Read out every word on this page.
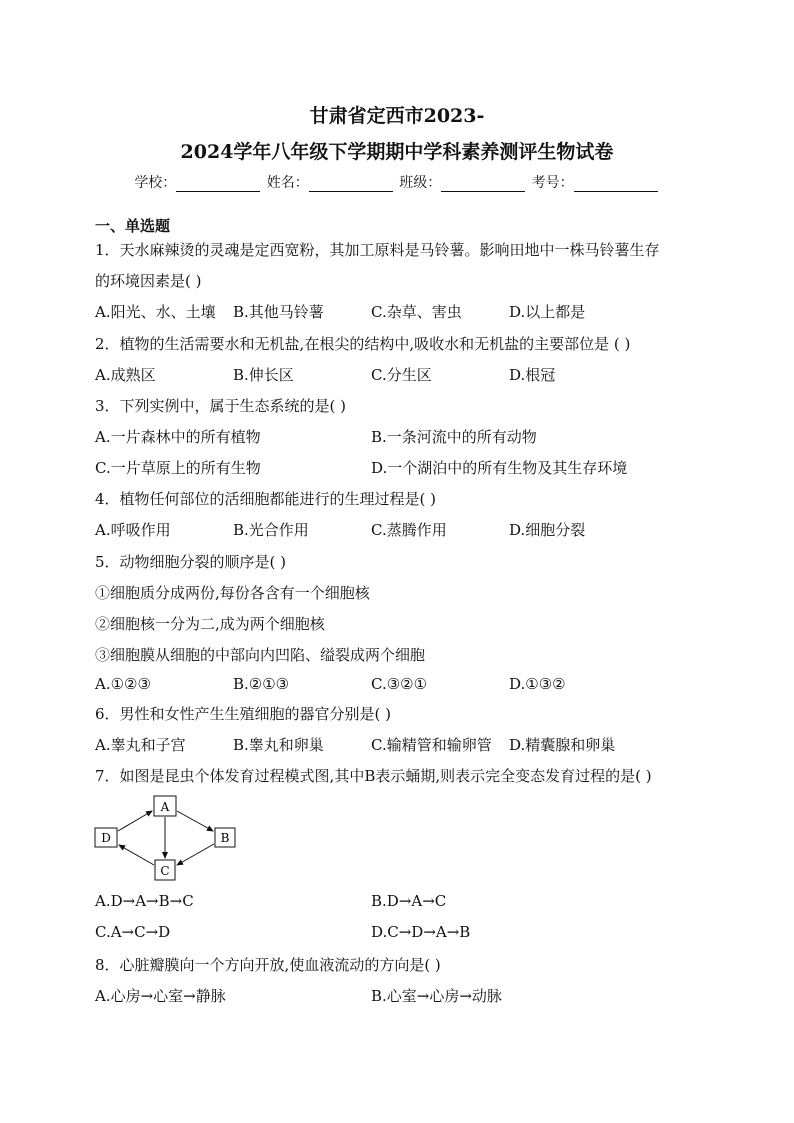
甘肃省定西市2023-
2024学年八年级下学期期中学科素养测评生物试卷
学校：	姓名：	班级：	考号：
一、单选题
1．天水麻辣烫的灵魂是定西宽粉，其加工原料是马铃薯。影响田地中一株马铃薯生存
的环境因素是( )
A.阳光、水、土壤 B.其他马铃薯	C.杂草、害虫	D.以上都是
2．植物的生活需要水和无机盐,在根尖的结构中,吸收水和无机盐的主要部位是 ( )
A.成熟区	B.伸长区	C.分生区	D.根冠
3．下列实例中，属于生态系统的是( )
A.一片森林中的所有植物	B.一条河流中的所有动物
C.一片草原上的所有生物	D.一个湖泊中的所有生物及其生存环境
4．植物任何部位的活细胞都能进行的生理过程是( )
A.呼吸作用	B.光合作用	C.蒸腾作用	D.细胞分裂
5．动物细胞分裂的顺序是( )
①细胞质分成两份,每份各含有一个细胞核
②细胞核一分为二,成为两个细胞核
③细胞膜从细胞的中部向内凹陷、缢裂成两个细胞
A.①②③	B.②①③	C.③②①	D.①③②
6．男性和女性产生生殖细胞的器官分别是( )
A.睾丸和子宫	B.睾丸和卵巢	C.输精管和输卵管 D.精囊腺和卵巢
7．如图是昆虫个体发育过程模式图,其中B表示蛹期,则表示完全变态发育过程的是( )
A
B
C
D
A.D→A→B→C	B.D→A→C
C.A→C→D	D.C→D→A→B
8．心脏瓣膜向一个方向开放,使血液流动的方向是( )
A.心房→心室→静脉	B.心室→心房→动脉
